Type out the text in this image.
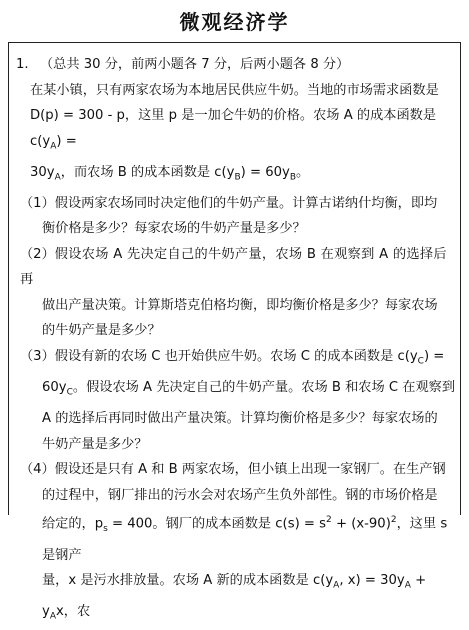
微观经济学
1. （总共 30 分，前两小题各 7 分，后两小题各 8 分）
在某小镇，只有两家农场为本地居民供应牛奶。当地的市场需求函数是
D(p) = 300 - p，这里 p 是一加仑牛奶的价格。农场 A 的成本函数是 $c(y_A)$ =
$30y_A$，而农场 B 的成本函数是 $c(y_B) = 60y_B$。
（1）假设两家农场同时决定他们的牛奶产量。计算古诺纳什均衡，即均
衡价格是多少？每家农场的牛奶产量是多少？
（2）假设农场 A 先决定自己的牛奶产量，农场 B 在观察到 A 的选择后再
做出产量决策。计算斯塔克伯格均衡，即均衡价格是多少？每家农场
的牛奶产量是多少？
（3）假设有新的农场 C 也开始供应牛奶。农场 C 的成本函数是 $c(y_C)$ =
$60y_C$。假设农场 A 先决定自己的牛奶产量。农场 B 和农场 C 在观察到
A 的选择后再同时做出产量决策。计算均衡价格是多少？每家农场的
牛奶产量是多少？
（4）假设还是只有 A 和 B 两家农场，但小镇上出现一家钢厂。在生产钢
的过程中，钢厂排出的污水会对农场产生负外部性。钢的市场价格是
给定的，$p_s = 400$。钢厂的成本函数是 $c(s) = s^2 + (x-90)^2$，这里 s 是钢产
量，x 是污水排放量。农场 A 新的成本函数是 $c(y_A$, $x) = 30y_A + y_Ax$，农
